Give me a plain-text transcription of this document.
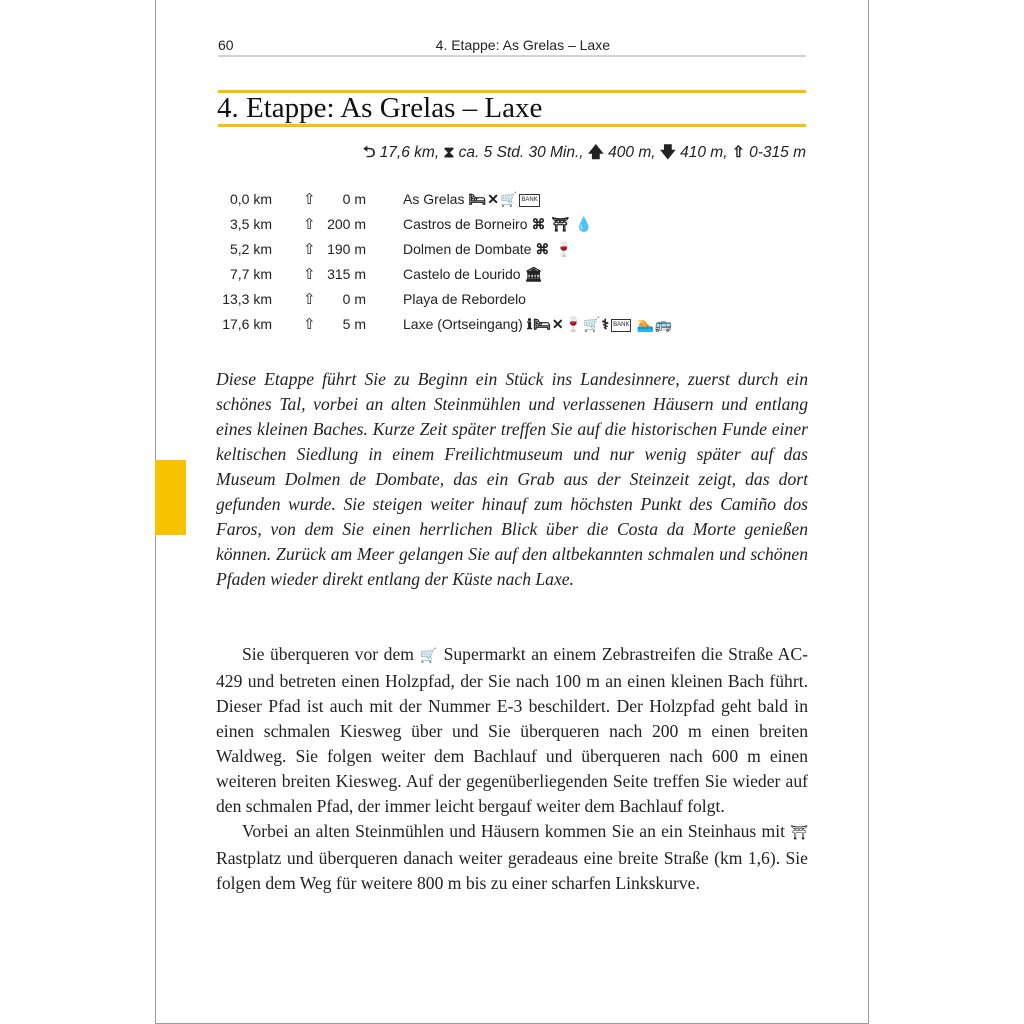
60	4. Etappe: As Grelas – Laxe
4. Etappe: As Grelas – Laxe
⮌ 17,6 km, ⧗ ca. 5 Std. 30 Min., 🡅 400 m, 🡇 410 m, ⇧ 0-315 m
0,0 km ⇧	0 m	As Grelas 🛏✕🛒 BANK
3,5 km ⇧ 200 m	Castros de Borneiro ⌘ ⛩ 💧
5,2 km ⇧ 190 m	Dolmen de Dombate ⌘ 🍷
7,7 km ⇧ 315 m	Castelo de Lourido 🏛
13,3 km ⇧	0 m	Playa de Rebordelo
17,6 km ⇧	5 m	Laxe (Ortseingang) ℹ🛏✕🍷🛒⚕ BANK 🏊🚌
Diese Etappe führt Sie zu Beginn ein Stück ins Landesinnere, zuerst durch ein schönes Tal, vorbei an alten Steinmühlen und verlassenen Häusern und entlang eines kleinen Baches. Kurze Zeit später treffen Sie auf die historischen Funde einer keltischen Siedlung in einem Freilichtmuseum und nur wenig später auf das Museum Dolmen de Dombate, das ein Grab aus der Steinzeit zeigt, das dort gefunden wurde. Sie steigen weiter hinauf zum höchsten Punkt des Camiño dos Faros, von dem Sie einen herrlichen Blick über die Costa da Morte genießen können. Zurück am Meer gelangen Sie auf den altbekannten schmalen und schönen Pfaden wieder direkt entlang der Küste nach Laxe.

Sie überqueren vor dem 🛒 Supermarkt an einem Zebrastreifen die Straße AC-429 und betreten einen Holzpfad, der Sie nach 100 m an einen kleinen Bach führt. Dieser Pfad ist auch mit der Nummer E-3 beschildert. Der Holzpfad geht bald in einen schmalen Kiesweg über und Sie überqueren nach 200 m einen breiten Waldweg. Sie folgen weiter dem Bachlauf und überqueren nach 600 m einen weiteren breiten Kiesweg. Auf der gegenüberliegenden Seite treffen Sie wieder auf den schmalen Pfad, der immer leicht bergauf weiter dem Bachlauf folgt.

Vorbei an alten Steinmühlen und Häusern kommen Sie an ein Steinhaus mit ⛩ Rastplatz und überqueren danach weiter geradeaus eine breite Straße (km 1,6). Sie folgen dem Weg für weitere 800 m bis zu einer scharfen Linkskurve.
